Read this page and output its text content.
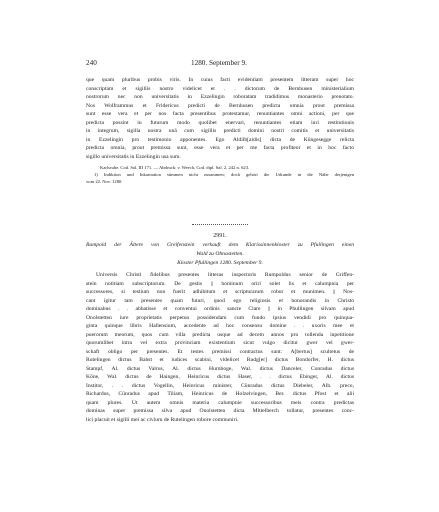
240	1280. September 9.
que quam pluribus probis viris. In cuius facti evidentiam presentem litteram super hoc
conscriptam et sigillis nostro videlicet et . . dictorum de Bernhusen ministerialium
nostrorum nec non universitatis in Ezzelingin roboratam tradidimus monasterio prenotato.
Nos Wolframmus et Fridericus predicti de Bernhusen predicta omnia prout premissa
sunt esse vera et per nos facta presentibus protestamur, renuntiantes omni actioni, per que
predicta possint in futurum modo quolibet enervari, renuntiantes etiam iuri restitutionis
in integrum, sigilla nostra unā cum sigillis predicti domini nostri comitis et universitatis
in Ezzelingin pro testimonio apponentes. Ego Aldilb[aidis] dicta de Kūngesegge relicta
predicta omnia, prout premissa sunt, esse vera et per me facta profiteor et in hoc facto
sigillo universitatis in Ezzelingin usa sum.
Karlsruhe. Cod. Sal. III 171. — Abdruck: v. Weech, Cod. dipl. Sal. 2, 242 n. 623.
1) Indiktion und Inkarnation stimmen nicht zusammen; doch gehört die Urkunde in die Nähe derjenigen
vom 22. Nov. 1280.
2991.
Rumpold der Ältere von Greifenstein verkauft dem Klarissinnenkloster zu Pfullingen einen
Wald zu Ohnastetten.
Kloster Pfullingen 1280. September 9.
Universis Christi fidelibus presentes litteras inspecturis Rumpoldus senior de Griffen-
stein notitiam subscriptorum. De gestis || hominum oriri solet lis et calumpnia per
successores, si testium non fuerit adhibitum et scripturarum robur et munimen. || Nos-
cant igitur tam presentes quam futuri, quod ego religiosis et honorandis in Christo
dominabus . . abbatisse et conventui ordinis sancte Clare || in Phullingen silvam apud
Onolstetten iure proprietatis perpetuo possidendam cum fundo ipsius vendidi pro quinqua-
ginta quinque libris Hallensium, accedente ad hoc consensu domine . . uxoris mee et
puerorum meorum, quos cum villa predicta usque ad decem annos pro tollenda inpetitione
quorumlibet intra vel extra provinciam existentium sicut vulgo dicitur gwer vel gwer-
schaft obligo per presentes. Et testes premissi contractus sunt: A[bertus] scultetus de
Rutelingen dictus Bahst et iudices scabini, videlicet Rudg[er] dictus Bondorfer, H. dictus
Stampf, Al. dictus Valrus, Al. dictus Hurnboge, Wal. dictus Danceler, Conradus dictus
Kōne, Wal. dictus de Haingen, Heinricus dictus Haser, . . dictus Ebinger, Al. dictus
Institor, . . dictus Vogellin, Heinricus minister, Cūnradus dictus Diebeler, Alb. preco,
Richardus, Cūnradus apud Tiliam, Heinricus de Holzelvingen, Ber. dictus Pfost et alii
quam plures. Ut autem omnis materia calumpnie successoribus meis contra predictas
dominas super premissa silva apud Onolstetten dicta Mittelberch tollatur, presentes conc-
lici placuit et sigilli mei ac civium de Rutelingen robore communiri.
